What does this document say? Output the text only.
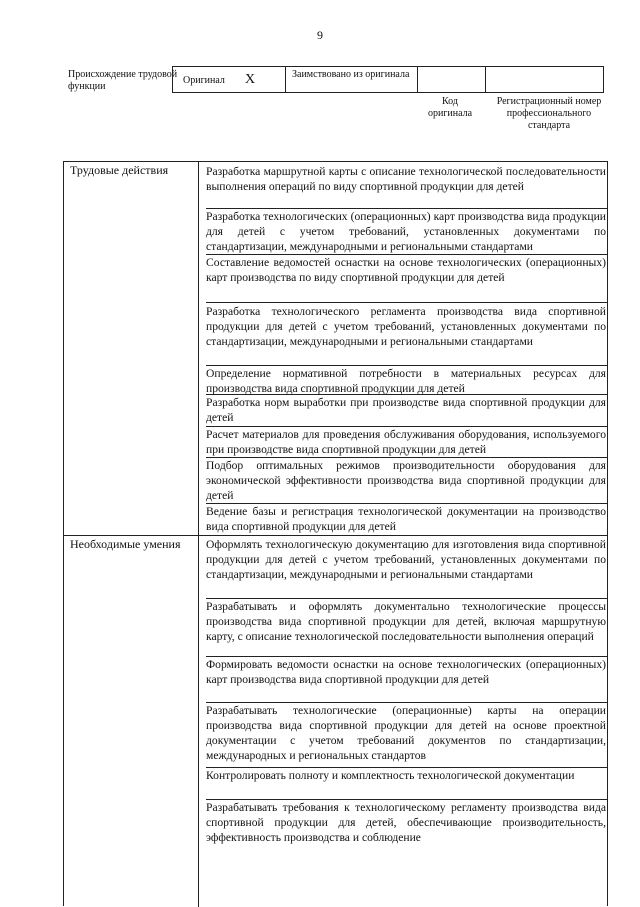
9
Происхождение трудовой функции
Оригинал X	Заимствовано из оригинала
Код оригинала
Регистрационный номер профессионального стандарта
Трудовые действия	Разработка маршрутной карты с описание технологической последовательности выполнения операций по виду спортивной продукции для детей
Разработка технологических (операционных) карт производства вида продукции для детей с учетом требований, установленных документами по стандартизации, международными и региональными стандартами
Составление ведомостей оснастки на основе технологических (операционных) карт производства по виду спортивной продукции для детей
Разработка технологического регламента производства вида спортивной продукции для детей с учетом требований, установленных документами по стандартизации, международными и региональными стандартами
Определение нормативной потребности в материальных ресурсах для производства вида спортивной продукции для детей
Разработка норм выработки при производстве вида спортивной продукции для детей
Расчет материалов для проведения обслуживания оборудования, используемого при производстве вида спортивной продукции для детей
Подбор оптимальных режимов производительности оборудования для экономической эффективности производства вида спортивной продукции для детей
Ведение базы и регистрация технологической документации на производство вида спортивной продукции для детей
Необходимые умения Оформлять технологическую документацию для изготовления вида спортивной продукции для детей с учетом требований, установленных документами по стандартизации, международными и региональными стандартами
Разрабатывать и оформлять документально технологические процессы производства вида спортивной продукции для детей, включая маршрутную карту, с описание технологической последовательности выполнения операций
Формировать ведомости оснастки на основе технологических (операционных) карт производства вида спортивной продукции для детей
Разрабатывать технологические (операционные) карты на операции производства вида спортивной продукции для детей на основе проектной документации с учетом требований документов по стандартизации, международных и региональных стандартов
Контролировать полноту и комплектность технологической документации
Разрабатывать требования к технологическому регламенту производства вида спортивной продукции для детей, обеспечивающие производительность, эффективность производства и соблюдение
